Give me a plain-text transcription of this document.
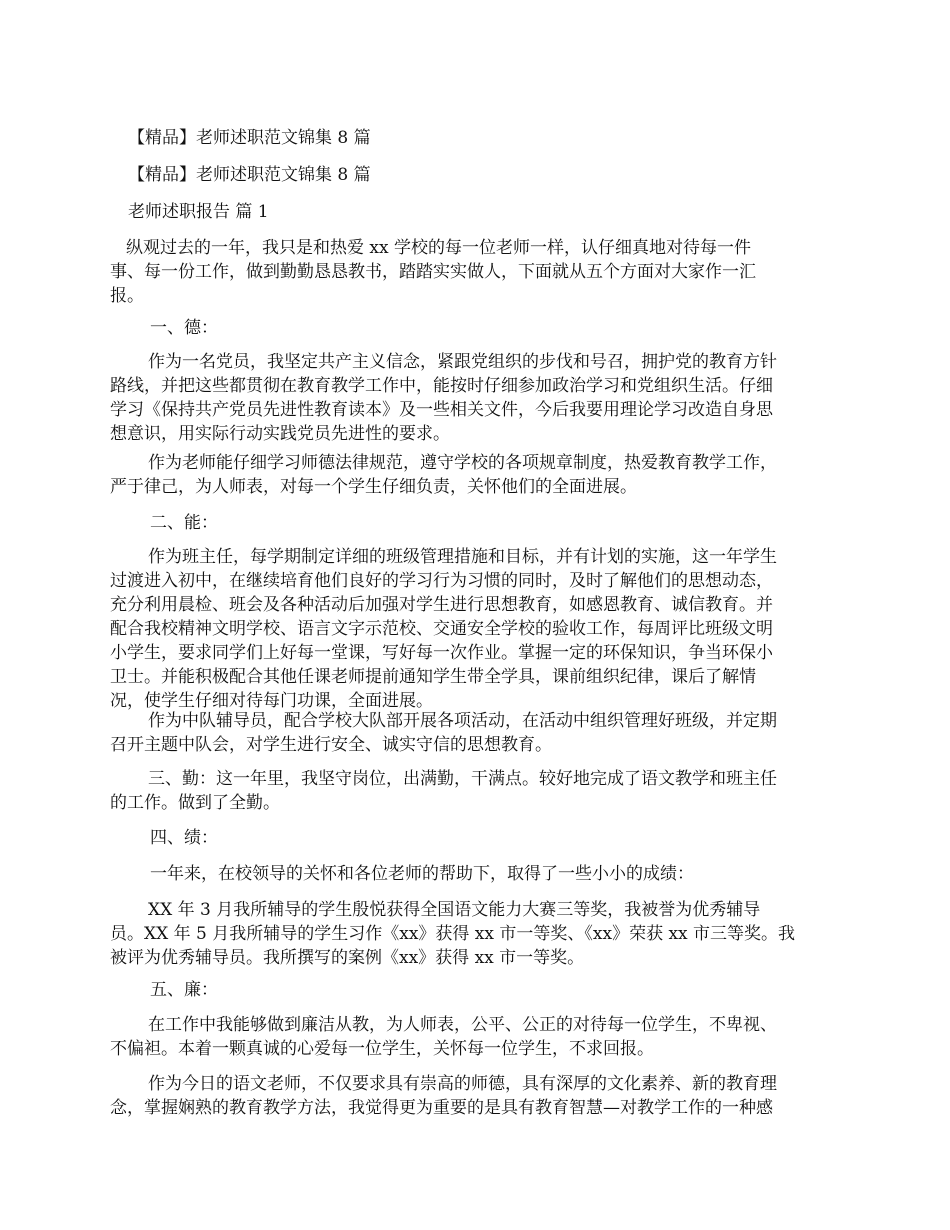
【精品】老师述职范文锦集 8 篇
【精品】老师述职范文锦集 8 篇
老师述职报告 篇 1

纵观过去的一年，我只是和热爱 xx 学校的每一位老师一样，认仔细真地对待每一件

事、每一份工作，做到勤勤恳恳教书，踏踏实实做人，下面就从五个方面对大家作一汇

报。

一、德：

作为一名党员，我坚定共产主义信念，紧跟党组织的步伐和号召，拥护党的教育方针

路线，并把这些都贯彻在教育教学工作中，能按时仔细参加政治学习和党组织生活。仔细

学习《保持共产党员先进性教育读本》及一些相关文件，今后我要用理论学习改造自身思

想意识，用实际行动实践党员先进性的要求。

作为老师能仔细学习师德法律规范，遵守学校的各项规章制度，热爱教育教学工作，

严于律己，为人师表，对每一个学生仔细负责，关怀他们的全面进展。

二、能：

作为班主任，每学期制定详细的班级管理措施和目标，并有计划的实施，这一年学生

过渡进入初中，在继续培育他们良好的学习行为习惯的同时，及时了解他们的思想动态，

充分利用晨检、班会及各种活动后加强对学生进行思想教育，如感恩教育、诚信教育。并

配合我校精神文明学校、语言文字示范校、交通安全学校的验收工作，每周评比班级文明

小学生，要求同学们上好每一堂课，写好每一次作业。掌握一定的环保知识，争当环保小

卫士。并能积极配合其他任课老师提前通知学生带全学具，课前组织纪律，课后了解情

况，使学生仔细对待每门功课，全面进展。

作为中队辅导员，配合学校大队部开展各项活动，在活动中组织管理好班级，并定期

召开主题中队会，对学生进行安全、诚实守信的思想教育。

三、勤：这一年里，我坚守岗位，出满勤，干满点。较好地完成了语文教学和班主任

的工作。做到了全勤。

四、绩：
一年来，在校领导的关怀和各位老师的帮助下，取得了一些小小的成绩：

XX 年 3 月我所辅导的学生殷悦获得全国语文能力大赛三等奖，我被誉为优秀辅导

员。XX 年 5 月我所辅导的学生习作《xx》获得 xx 市一等奖、《xx》荣获 xx 市三等奖。我

被评为优秀辅导员。我所撰写的案例《xx》获得 xx 市一等奖。

五、廉：

在工作中我能够做到廉洁从教，为人师表，公平、公正的对待每一位学生，不卑视、

不偏袒。本着一颗真诚的心爱每一位学生，关怀每一位学生，不求回报。

作为今日的语文老师，不仅要求具有崇高的师德，具有深厚的文化素养、新的教育理

念，掌握娴熟的教育教学方法，我觉得更为重要的是具有教育智慧—对教学工作的一种感
